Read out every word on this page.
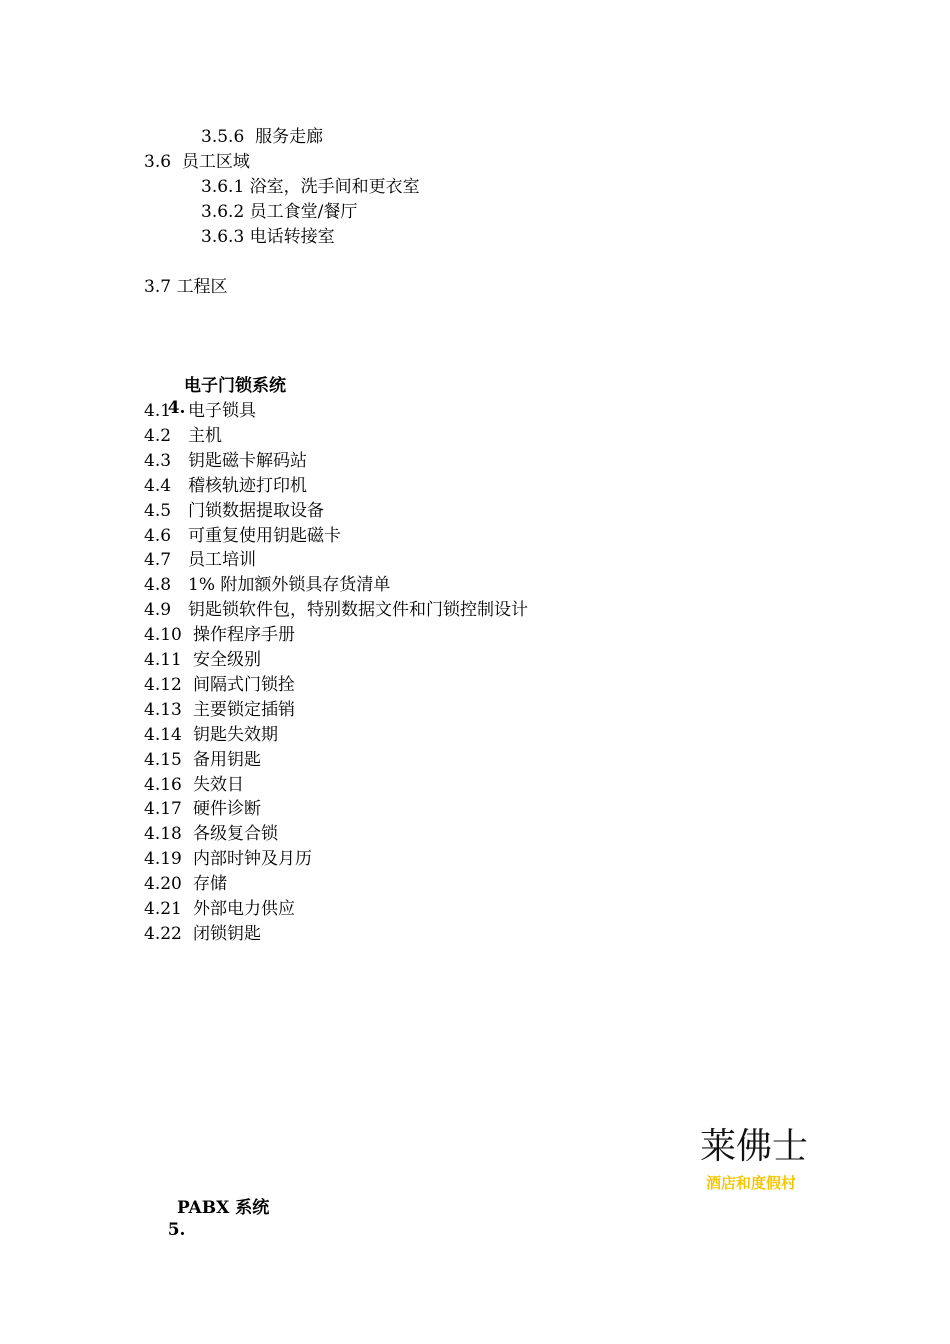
3.5.6  服务走廊
3.6  员工区域
3.6.1 浴室，洗手间和更衣室
3.6.2 员工食堂/餐厅
3.6.3 电话转接室
3.7 工程区

4.

电子门锁系统

4.1 电子锁具
4.2 主机
4.3 钥匙磁卡解码站
4.4 稽核轨迹打印机
4.5 门锁数据提取设备
4.6 可重复使用钥匙磁卡
4.7 员工培训
4.8 1% 附加额外锁具存货清单
4.9 钥匙锁软件包，特别数据文件和门锁控制设计
4.10 操作程序手册
4.11 安全级别
4.12 间隔式门锁拴
4.13 主要锁定插销
4.14 钥匙失效期
4.15 备用钥匙
4.16 失效日
4.17 硬件诊断
4.18 各级复合锁
4.19 内部时钟及月历
4.20 存储
4.21 外部电力供应
4.22 闭锁钥匙
莱佛士
酒店和度假村

5.

PABX 系统
